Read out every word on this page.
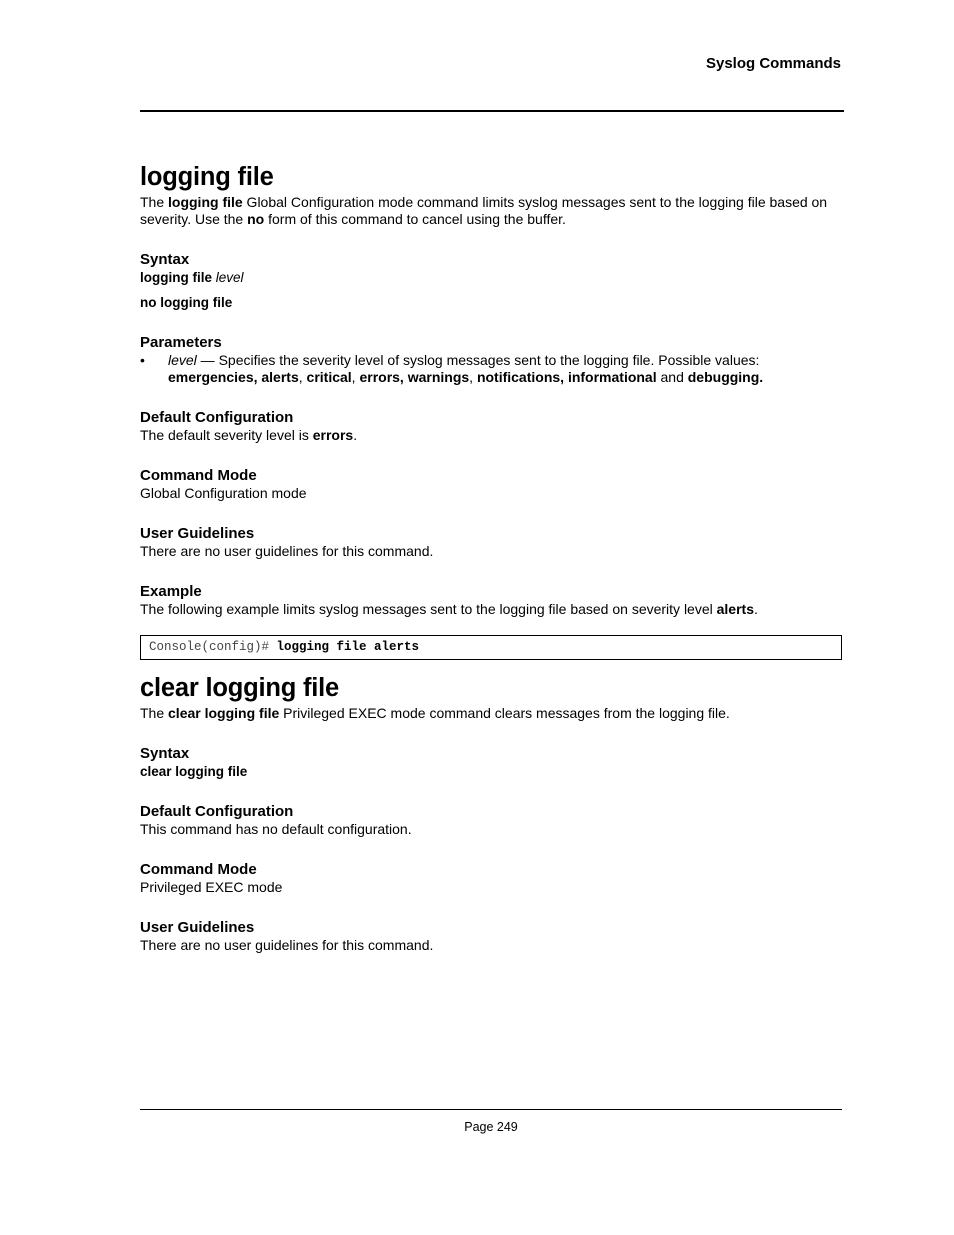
Syslog Commands
logging file

The logging file Global Configuration mode command limits syslog messages sent to the logging file based on severity. Use the no form of this command to cancel using the buffer.

Syntax

logging file level

no logging file

Parameters
•	level — Specifies the severity level of syslog messages sent to the logging file. Possible values:
emergencies, alerts, critical, errors, warnings, notifications, informational and debugging.
Default Configuration

The default severity level is errors.

Command Mode

Global Configuration mode

User Guidelines

There are no user guidelines for this command.

Example

The following example limits syslog messages sent to the logging file based on severity level alerts.

Console(config)# logging file alerts
clear logging file

The clear logging file Privileged EXEC mode command clears messages from the logging file.

Syntax

clear logging file

Default Configuration

This command has no default configuration.

Command Mode

Privileged EXEC mode

User Guidelines

There are no user guidelines for this command.

Page 249
